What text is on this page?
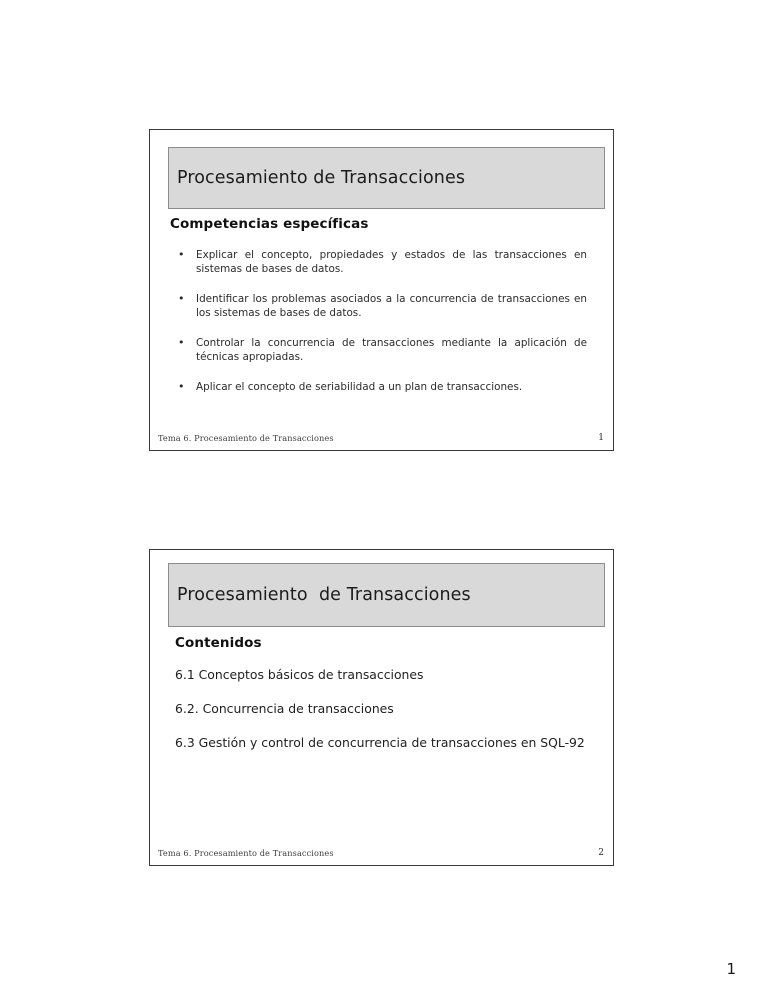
Procesamiento de Transacciones
Competencias específicas
• Explicar el concepto, propiedades y estados de las transacciones en sistemas de bases de datos.
• Identificar los problemas asociados a la concurrencia de transacciones en los sistemas de bases de datos.
• Controlar la concurrencia de transacciones mediante la aplicación de técnicas apropiadas.
• Aplicar el concepto de seriabilidad a un plan de transacciones.
Tema 6. Procesamiento de Transacciones	1
Procesamiento  de Transacciones
Contenidos
6.1 Conceptos básicos de transacciones
6.2. Concurrencia de transacciones
6.3 Gestión y control de concurrencia de transacciones en SQL-92
Tema 6. Procesamiento de Transacciones	2
1
